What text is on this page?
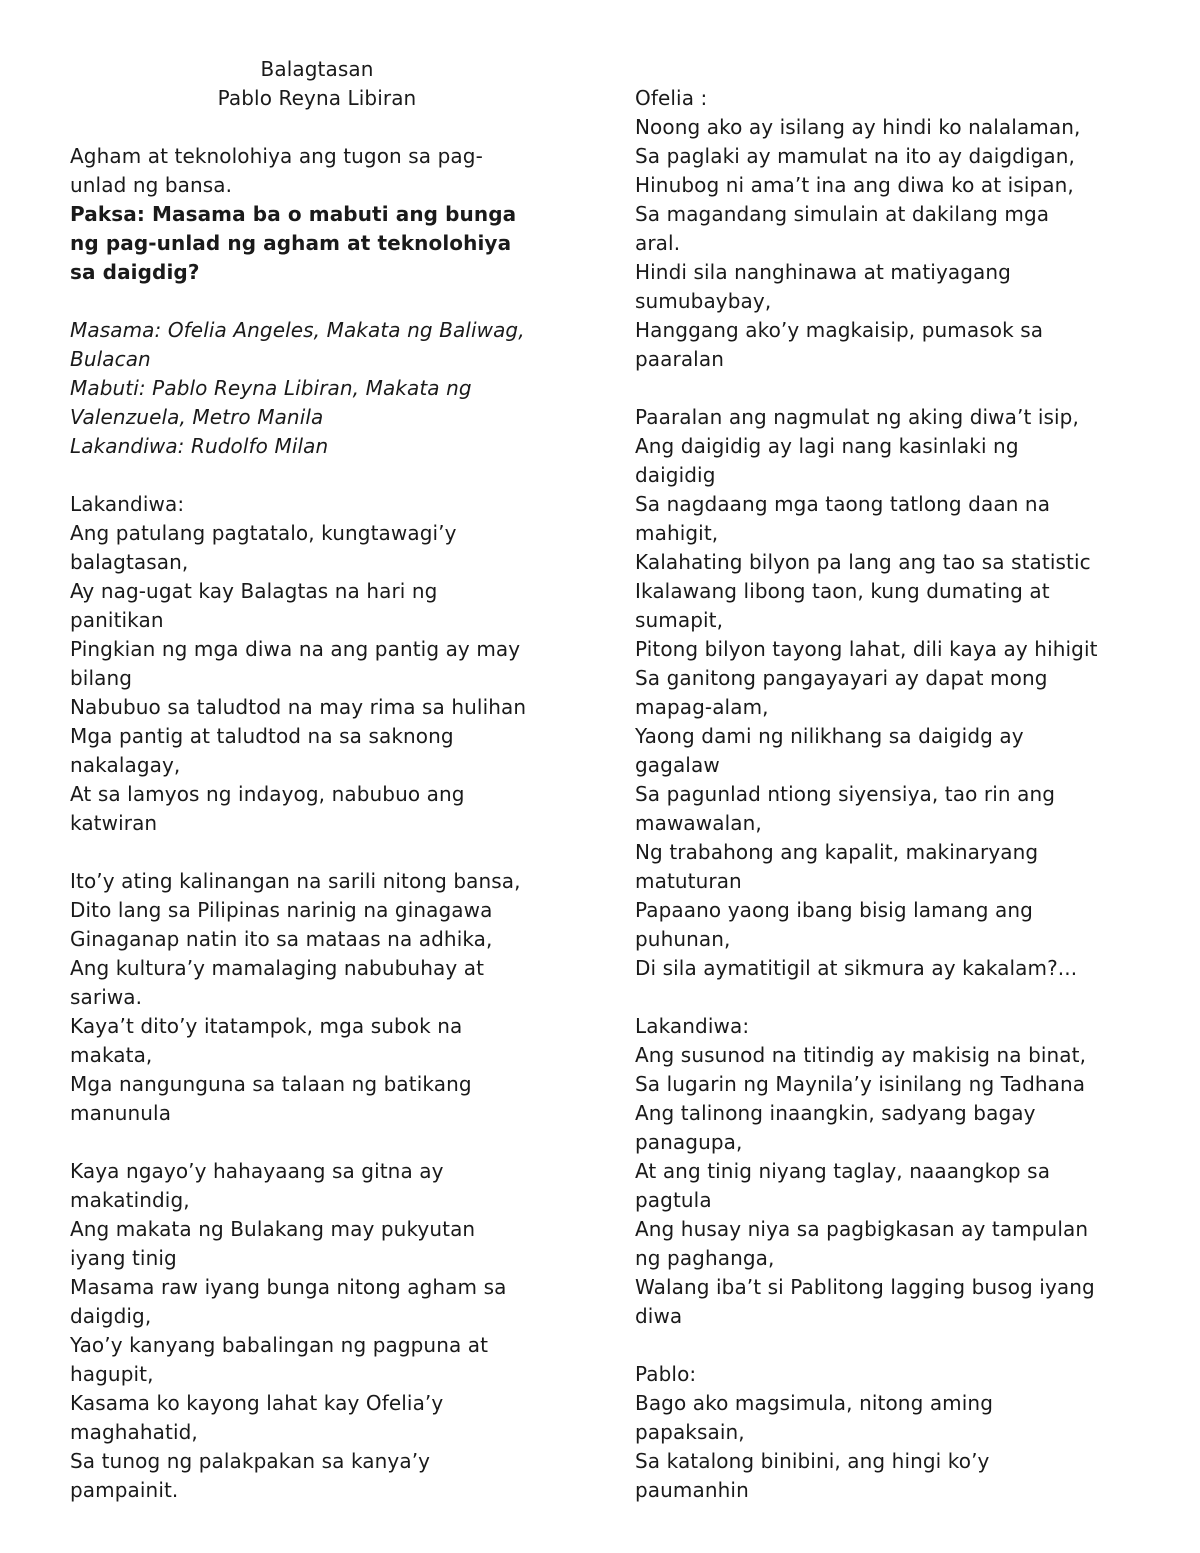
Balagtasan
Pablo Reyna Libiran
Agham at teknolohiya ang tugon sa pag-
unlad ng bansa.
Paksa: Masama ba o mabuti ang bunga
ng pag-unlad ng agham at teknolohiya
sa daigdig?
Masama: Ofelia Angeles, Makata ng Baliwag,
Bulacan
Mabuti: Pablo Reyna Libiran, Makata ng
Valenzuela, Metro Manila
Lakandiwa: Rudolfo Milan
Lakandiwa:
Ang patulang pagtatalo, kungtawagi’y
balagtasan,
Ay nag-ugat kay Balagtas na hari ng
panitikan
Pingkian ng mga diwa na ang pantig ay may
bilang
Nabubuo sa taludtod na may rima sa hulihan
Mga pantig at taludtod na sa saknong
nakalagay,
At sa lamyos ng indayog, nabubuo ang
katwiran
Ito’y ating kalinangan na sarili nitong bansa,
Dito lang sa Pilipinas narinig na ginagawa
Ginaganap natin ito sa mataas na adhika,
Ang kultura’y mamalaging nabubuhay at
sariwa.
Kaya’t dito’y itatampok, mga subok na
makata,
Mga nangunguna sa talaan ng batikang
manunula
Kaya ngayo’y hahayaang sa gitna ay
makatindig,
Ang makata ng Bulakang may pukyutan
iyang tinig
Masama raw iyang bunga nitong agham sa
daigdig,
Yao’y kanyang babalingan ng pagpuna at
hagupit,
Kasama ko kayong lahat kay Ofelia’y
maghahatid,
Sa tunog ng palakpakan sa kanya’y
pampainit.
Ofelia :
Noong ako ay isilang ay hindi ko nalalaman,
Sa paglaki ay mamulat na ito ay daigdigan,
Hinubog ni ama’t ina ang diwa ko at isipan,
Sa magandang simulain at dakilang mga
aral.
Hindi sila nanghinawa at matiyagang
sumubaybay,
Hanggang ako’y magkaisip, pumasok sa
paaralan
Paaralan ang nagmulat ng aking diwa’t isip,
Ang daigidig ay lagi nang kasinlaki ng
daigidig
Sa nagdaang mga taong tatlong daan na
mahigit,
Kalahating bilyon pa lang ang tao sa statistic
Ikalawang libong taon, kung dumating at
sumapit,
Pitong bilyon tayong lahat, dili kaya ay hihigit
Sa ganitong pangayayari ay dapat mong
mapag-alam,
Yaong dami ng nilikhang sa daigidg ay
gagalaw
Sa pagunlad ntiong siyensiya, tao rin ang
mawawalan,
Ng trabahong ang kapalit, makinaryang
matuturan
Papaano yaong ibang bisig lamang ang
puhunan,
Di sila aymatitigil at sikmura ay kakalam?...
Lakandiwa:
Ang susunod na titindig ay makisig na binat,
Sa lugarin ng Maynila’y isinilang ng Tadhana
Ang talinong inaangkin, sadyang bagay
panagupa,
At ang tinig niyang taglay, naaangkop sa
pagtula
Ang husay niya sa pagbigkasan ay tampulan
ng paghanga,
Walang iba’t si Pablitong lagging busog iyang
diwa
Pablo:
Bago ako magsimula, nitong aming
papaksain,
Sa katalong binibini, ang hingi ko’y
paumanhin
